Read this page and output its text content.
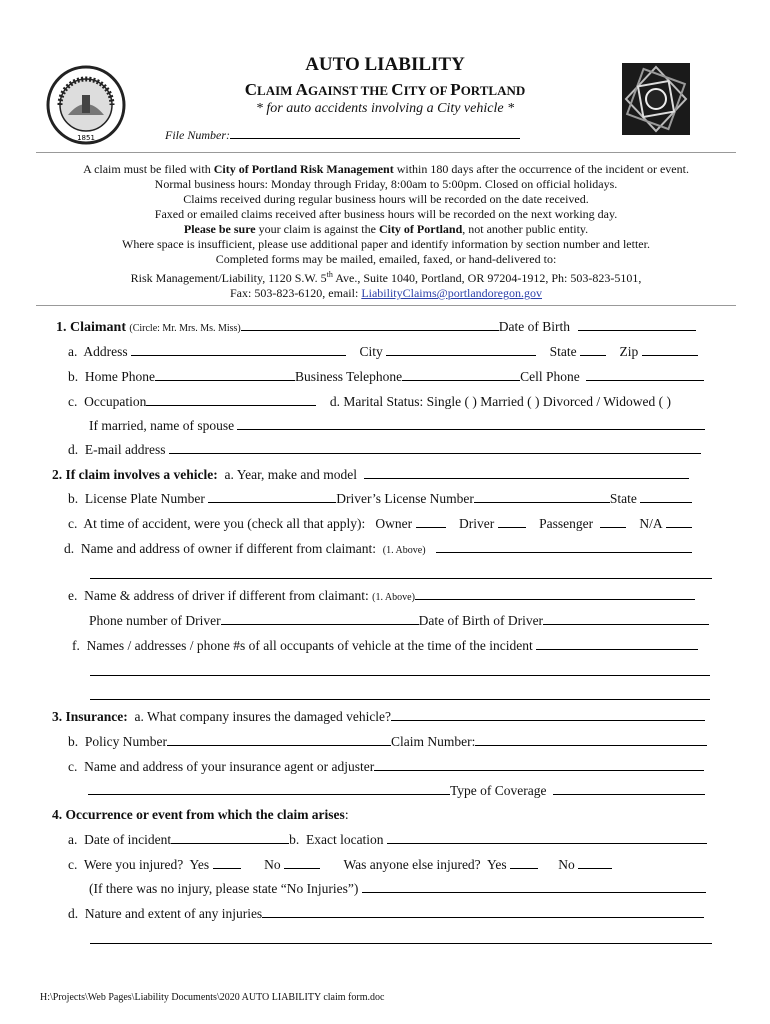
1851
AUTO LIABILITY
CLAIM AGAINST THE CITY OF PORTLAND
* for auto accidents involving a City vehicle *
File Number:

A claim must be filed with City of Portland Risk Management within 180 days after the occurrence of the incident or event.

Normal business hours: Monday through Friday, 8:00am to 5:00pm. Closed on official holidays.

Claims received during regular business hours will be recorded on the date received.

Faxed or emailed claims received after business hours will be recorded on the next working day.

Please be sure your claim is against the City of Portland, not another public entity.

Where space is insufficient, please use additional paper and identify information by section number and letter.

Completed forms may be mailed, emailed, faxed, or hand-delivered to:

Risk Management/Liability, 1120 S.W. 5th Ave., Suite 1040, Portland, OR 97204-1912, Ph: 503-823-5101,

Fax: 503-823-6120, email: LiabilityClaims@portlandoregon.gov

1. Claimant (Circle: Mr. Mrs. Ms. Miss)	Date of Birth
a. Address	City	State	Zip
b. Home Phone	Business Telephone	Cell Phone
c. Occupation	d. Marital Status: Single ( ) Married ( ) Divorced / Widowed ( )
If married, name of spouse
d. E-mail address
2. If claim involves a vehicle: a. Year, make and model
b. License Plate Number	Driver’s License Number	State
c. At time of accident, were you (check all that apply): Owner	Driver	Passenger	N/A
d. Name and address of owner if different from claimant: (1. Above)
e. Name & address of driver if different from claimant: (1. Above)
Phone number of Driver	Date of Birth of Driver
f. Names / addresses / phone #s of all occupants of vehicle at the time of the incident
3. Insurance: a. What company insures the damaged vehicle?
b. Policy Number	Claim Number:
c. Name and address of your insurance agent or adjuster
Type of Coverage
4. Occurrence or event from which the claim arises:
a. Date of incident	b. Exact location
c. Were you injured? Yes	No	Was anyone else injured? Yes	No
(If there was no injury, please state “No Injuries”)
d. Nature and extent of any injuries
H:\Projects\Web Pages\Liability Documents\2020 AUTO LIABILITY claim form.doc
